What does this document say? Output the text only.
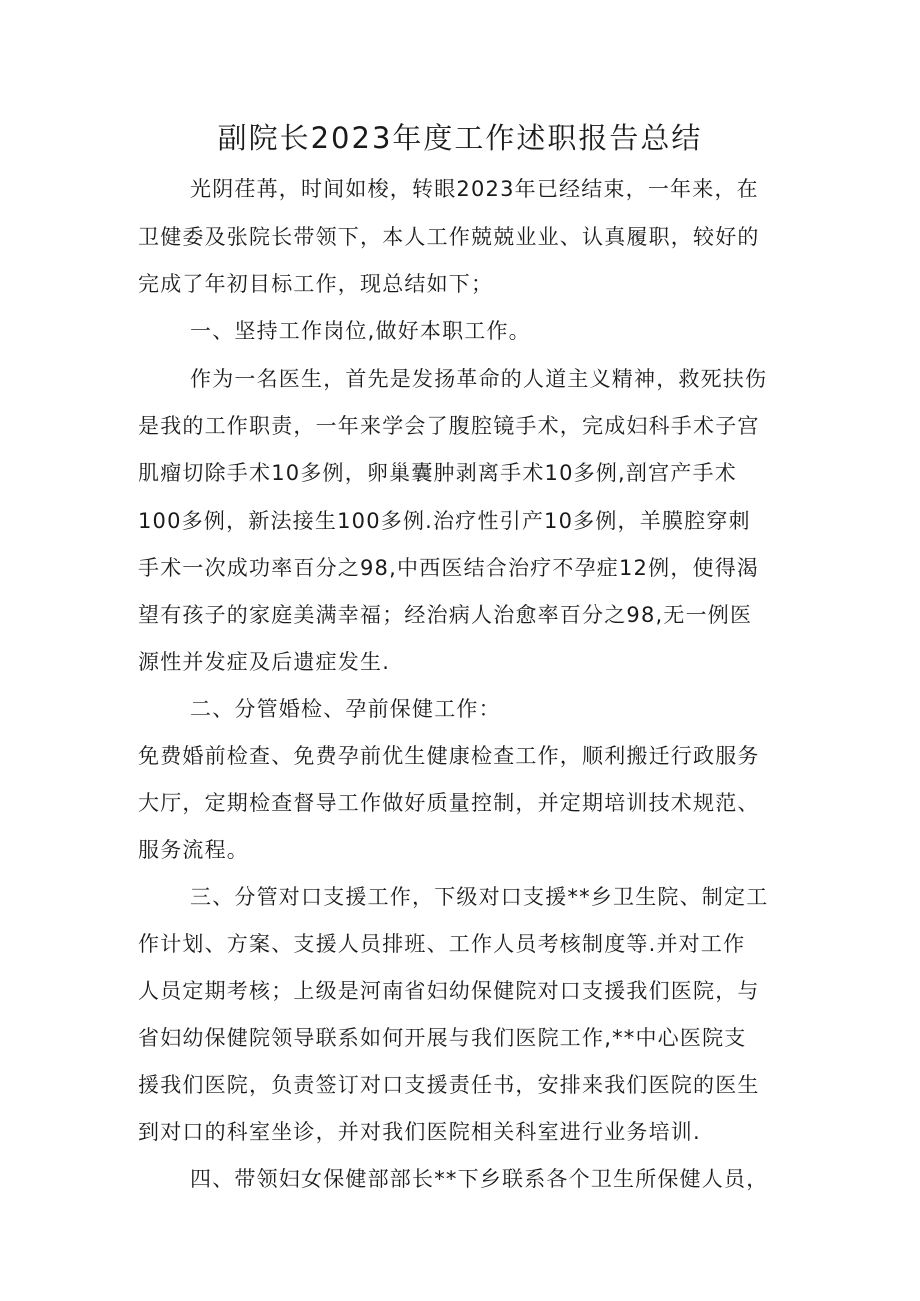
副院长2023年度工作述职报告总结
光阴荏苒，时间如梭，转眼2023年已经结束，一年来，在
卫健委及张院长带领下，本人工作兢兢业业、认真履职，较好的
完成了年初目标工作，现总结如下；
一、坚持工作岗位,做好本职工作。
作为一名医生，首先是发扬革命的人道主义精神，救死扶伤
是我的工作职责，一年来学会了腹腔镜手术，完成妇科手术子宫
肌瘤切除手术10多例，卵巢囊肿剥离手术10多例,剖宫产手术
100多例，新法接生100多例.治疗性引产10多例，羊膜腔穿刺
手术一次成功率百分之98,中西医结合治疗不孕症12例，使得渴
望有孩子的家庭美满幸福；经治病人治愈率百分之98,无一例医
源性并发症及后遗症发生.
二、分管婚检、孕前保健工作：
免费婚前检查、免费孕前优生健康检查工作，顺利搬迁行政服务
大厅，定期检查督导工作做好质量控制，并定期培训技术规范、
服务流程。
三、分管对口支援工作，下级对口支援**乡卫生院、制定工
作计划、方案、支援人员排班、工作人员考核制度等.并对工作
人员定期考核；上级是河南省妇幼保健院对口支援我们医院，与
省妇幼保健院领导联系如何开展与我们医院工作,**中心医院支
援我们医院，负责签订对口支援责任书，安排来我们医院的医生
到对口的科室坐诊，并对我们医院相关科室进行业务培训.
四、带领妇女保健部部长**下乡联系各个卫生所保健人员，
